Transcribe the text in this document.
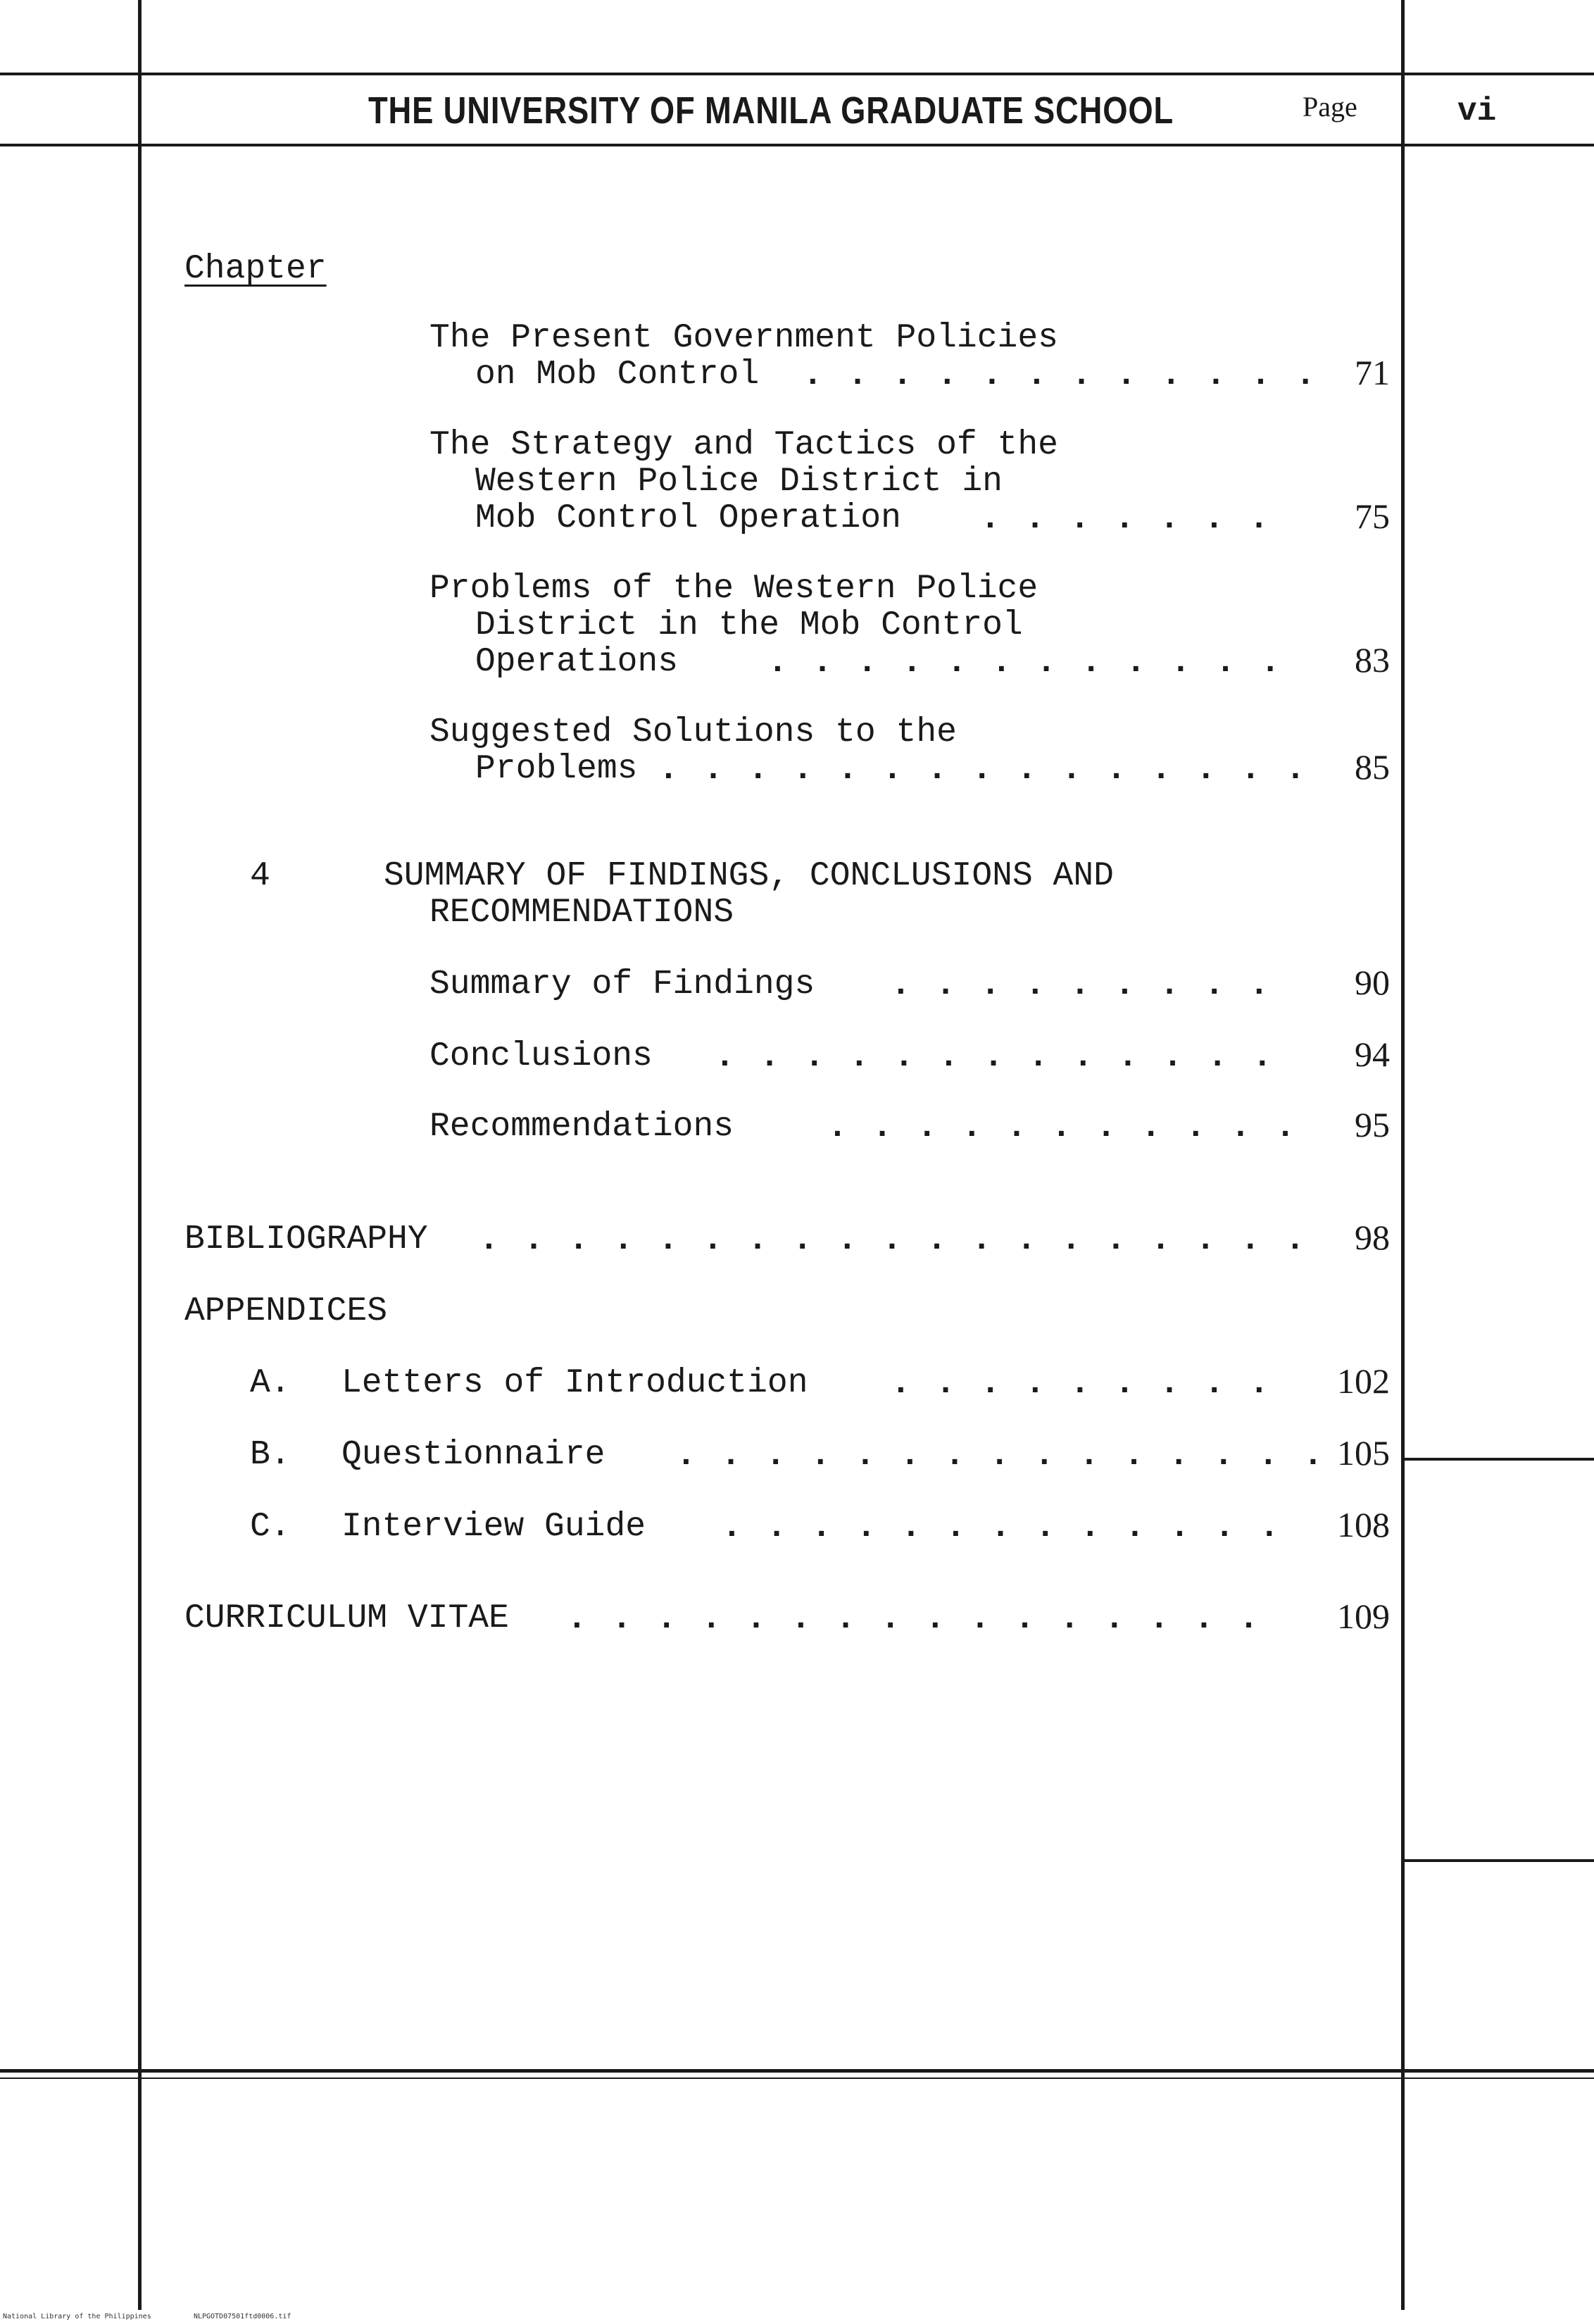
THE UNIVERSITY OF MANILA GRADUATE SCHOOL	Page	vi
Chapter
The Present Government Policies
on Mob Control . . . . . . . . . . . . 71
The Strategy and Tactics of the
Western Police District in
Mob Control Operation . . . . . . . 75
Problems of the Western Police
District in the Mob Control
Operations	. . . . . . . . . . . . 83
Suggested Solutions to the
Problems . . . . . . . . . . . . . . . 85
4	SUMMARY OF FINDINGS, CONCLUSIONS AND
RECOMMENDATIONS
Summary of Findings . . . . . . . . . 90
Conclusions . . . . . . . . . . . . . 94
Recommendations	. . . . . . . . . . . 95
BIBLIOGRAPHY . . . . . . . . . . . . . . . . . . . 98
APPENDICES
A. Letters of Introduction . . . . . . . . . 102
B. Questionnaire . . . . . . . . . . . . . . . 105
C. Interview Guide . . . . . . . . . . . . . 108
CURRICULUM VITAE . . . . . . . . . . . . . . . . 109
National Library of the Philippines	NLPGOTD07501ftd0006.tif
